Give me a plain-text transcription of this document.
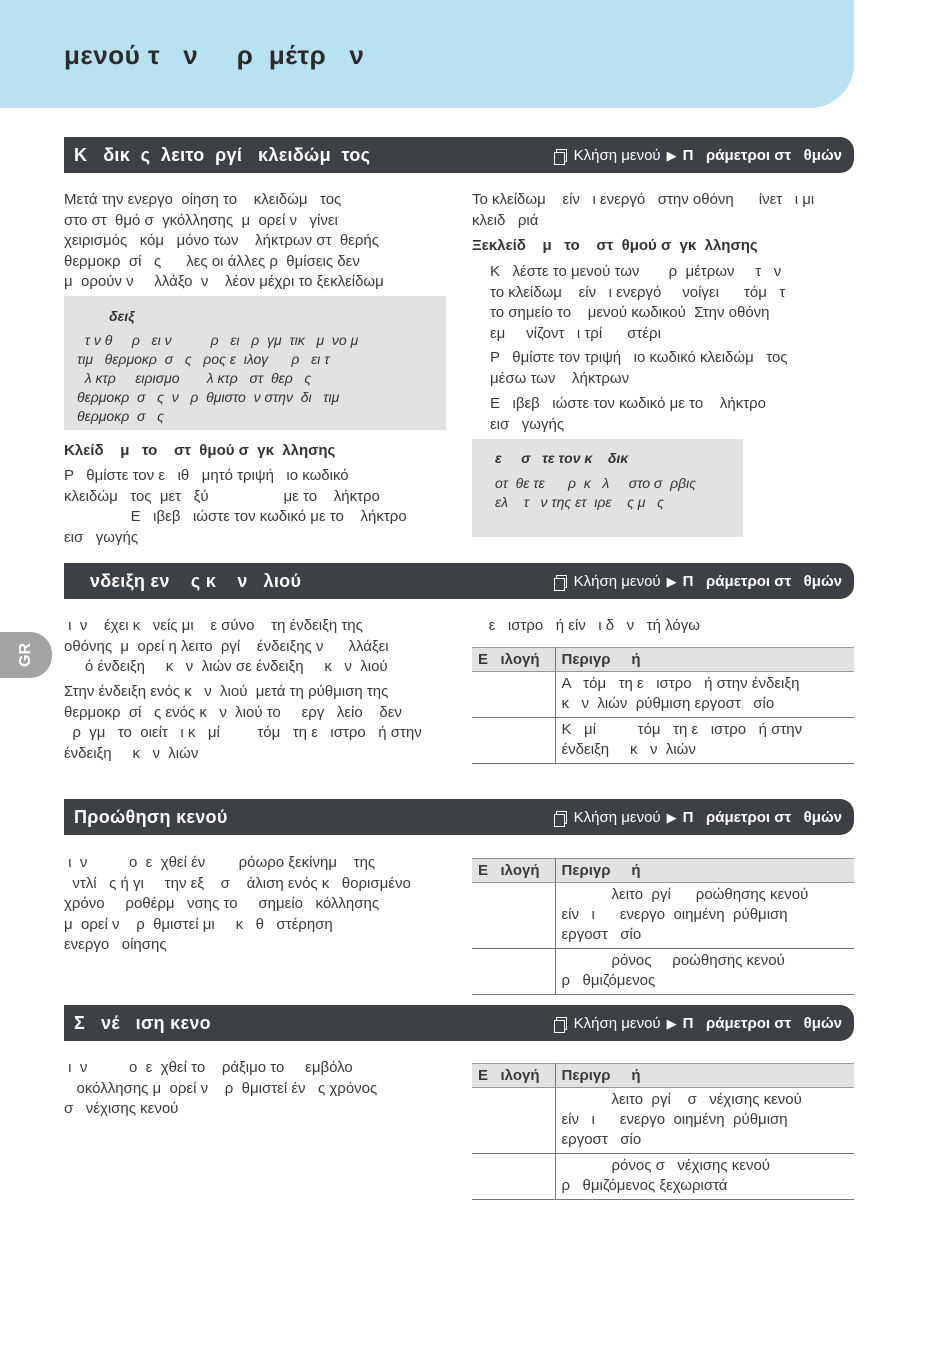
μενού τ   ν     ρ  μέτρ   ν
GR
Κ   δικ  ς  λειτο  ργί   κλειδώμ  τος	Κλήση μενού ▶ Π   ράμετροι στ   θμών
Μετά την ενεργο  οίηση το    κλειδώμ   τος
στο στ  θμό σ  γκόλλησης  μ  ορεί ν   γίνει
χειρισμός   κόμ   μόνο των    λήκτρων στ  θερής
θερμοκρ  σί   ς      λες οι άλλες ρ  θμίσεις δεν
μ  ορούν ν     λλάξο  ν    λέον μέχρι το ξεκλείδωμ
δειξ
τ ν θ     ρ   ει ν          ρ   ει   ρ  γμ  τικ   μ  νο μ
τιμ   θερμοκρ  σ   ς   ρος ε  ιλογ      ρ   ει τ
λ κτρ     ειρισμο       λ κτρ   στ  θερ   ς
θερμοκρ  σ   ς  ν   ρ  θμιστο  ν στην  δι   τιμ
θερμοκρ  σ   ς
Κλείδ    μ   το    στ  θμού σ  γκ  λλησης
Ρ   θμίστε τον ε   ιθ   μητό τριψή   ιο κωδικό
κλειδώμ   τος  μετ   ξύ                  με το    λήκτρο
Ε   ιβεβ   ιώστε τον κωδικό με το    λήκτρο
εισ   γωγής
Το κλείδωμ    είν   ι ενεργό   στην οθόνη      ίνετ   ι μι
κλειδ   ριά
Ξεκλείδ    μ   το    στ  θμού σ  γκ  λλησης
Κ   λέστε το μενού των       ρ  μέτρων     τ   ν
το κλείδωμ    είν   ι ενεργό     νοίγει      τόμ   τ
το σημείο το    μενού κωδικού  Στην οθόνη
εμ     νίζοντ   ι τρί      στέρι
Ρ   θμίστε τον τριψή   ιο κωδικό κλειδώμ   τος
μέσω των    λήκτρων
Ε   ιβεβ   ιώστε τον κωδικό με το    λήκτρο
εισ   γωγής
ε     σ   τε τον κ    δικ
οτ  θε τε      ρ  κ   λ     στο σ  ρβις
ελ    τ   ν της ετ  ιρε    ς μ   ς
νδειξη εν    ς κ    ν   λιού	Κλήση μενού ▶ Π   ράμετροι στ   θμών
ι  ν    έχει κ   νείς μι    ε σύνο    τη ένδειξη της
οθόνης  μ  ορεί η λειτο  ργί    ένδειξης ν      λλάξει
ό ένδειξη     κ   ν  λιών σε ένδειξη     κ   ν  λιού
Στην ένδειξη ενός κ   ν  λιού  μετά τη ρύθμιση της
θερμοκρ  σί   ς ενός κ   ν  λιού το     εργ   λείο    δεν
ρ  γμ   το  οιείτ   ι κ   μί         τόμ   τη ε   ιστρο   ή στην
ένδειξη     κ   ν  λιών
ε   ιστρο   ή είν   ι δ   ν   τή λόγω
Ε   ιλογή	Περιγρ     ή
	Α   τόμ   τη ε   ιστρο   ή στην ένδειξη
κ   ν  λιών  ρύθμιση εργοστ   σίο
	Κ   μί          τόμ   τη ε   ιστρο   ή στην
ένδειξη     κ   ν  λιών
Προώθηση κενού	Κλήση μενού ▶ Π   ράμετροι στ   θμών
ι  ν          ο  ε  χθεί έν        ρόωρο ξεκίνημ    της
ντλί   ς ή γι     την εξ    σ    άλιση ενός κ   θορισμένο
χρόνο     ροθέρμ   νσης το     σημείο   κόλλησης
μ  ορεί ν    ρ  θμιστεί μι     κ   θ   στέρηση
ενεργο   οίησης
Ε   ιλογή	Περιγρ     ή
	λειτο  ργί      ροώθησης κενού
είν   ι      ενεργο  οιημένη  ρύθμιση
εργοστ   σίο
	ρόνος     ροώθησης κενού
ρ   θμιζόμενος
Σ   νέ   ιση κενο	Κλήση μενού ▶ Π   ράμετροι στ   θμών
ι  ν          ο  ε  χθεί το    ράξιμο το     εμβόλο
οκόλλησης μ  ορεί ν    ρ  θμιστεί έν   ς χρόνος
σ   νέχισης κενού
Ε   ιλογή	Περιγρ     ή
	λειτο  ργί    σ   νέχισης κενού
είν   ι      ενεργο  οιημένη  ρύθμιση
εργοστ   σίο
	ρόνος σ   νέχισης κενού
ρ   θμιζόμενος ξεχωριστά
